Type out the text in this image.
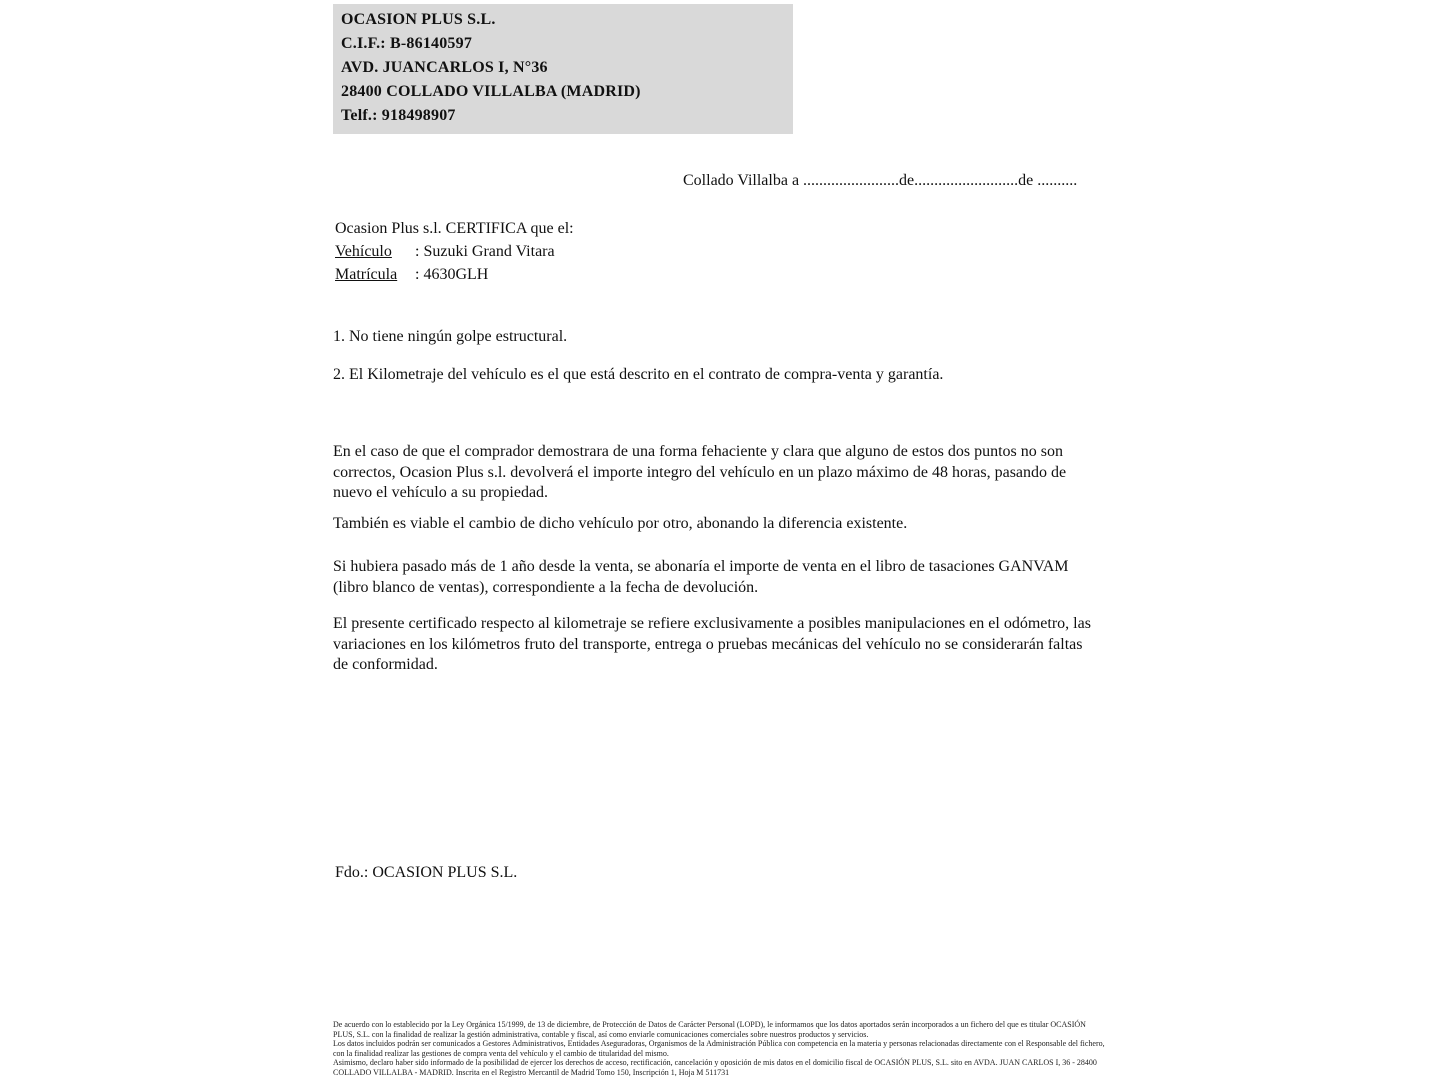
OCASION PLUS S.L.
C.I.F.: B-86140597
AVD. JUANCARLOS I, N°36
28400 COLLADO VILLALBA (MADRID)
Telf.: 918498907
Collado Villalba a ........................de..........................de ..........
Ocasion Plus s.l. CERTIFICA que el:
Vehículo : Suzuki Grand Vitara
Matrícula : 4630GLH
1. No tiene ningún golpe estructural.
2. El Kilometraje del vehículo es el que está descrito en el contrato de compra-venta y garantía.
En el caso de que el comprador demostrara de una forma fehaciente y clara que alguno de estos dos puntos no son correctos, Ocasion Plus s.l. devolverá el importe integro del vehículo en un plazo máximo de 48 horas, pasando de nuevo el vehículo a su propiedad.
También es viable el cambio de dicho vehículo por otro, abonando la diferencia existente.
Si hubiera pasado más de 1 año desde la venta, se abonaría el importe de venta en el libro de tasaciones GANVAM (libro blanco de ventas), correspondiente a la fecha de devolución.
El presente certificado respecto al kilometraje se refiere exclusivamente a posibles manipulaciones en el odómetro, las variaciones en los kilómetros fruto del transporte, entrega o pruebas mecánicas del vehículo no se considerarán faltas de conformidad.
Fdo.: OCASION PLUS S.L.
De acuerdo con lo establecido por la Ley Orgánica 15/1999, de 13 de diciembre, de Protección de Datos de Carácter Personal (LOPD), le informamos que los datos aportados serán incorporados a un fichero del que es titular OCASIÓN PLUS, S.L. con la finalidad de realizar la gestión administrativa, contable y fiscal, así como enviarle comunicaciones comerciales sobre nuestros productos y servicios.
Los datos incluidos podrán ser comunicados a Gestores Administrativos, Entidades Aseguradoras, Organismos de la Administración Pública con competencia en la materia y personas relacionadas directamente con el Responsable del fichero, con la finalidad realizar las gestiones de compra venta del vehículo y el cambio de titularidad del mismo.
Asimismo, declaro haber sido informado de la posibilidad de ejercer los derechos de acceso, rectificación, cancelación y oposición de mis datos en el domicilio fiscal de OCASIÓN PLUS, S.L. sito en AVDA. JUAN CARLOS I, 36 - 28400 COLLADO VILLALBA - MADRID. Inscrita en el Registro Mercantil de Madrid Tomo 150, Inscripción 1, Hoja M 511731
